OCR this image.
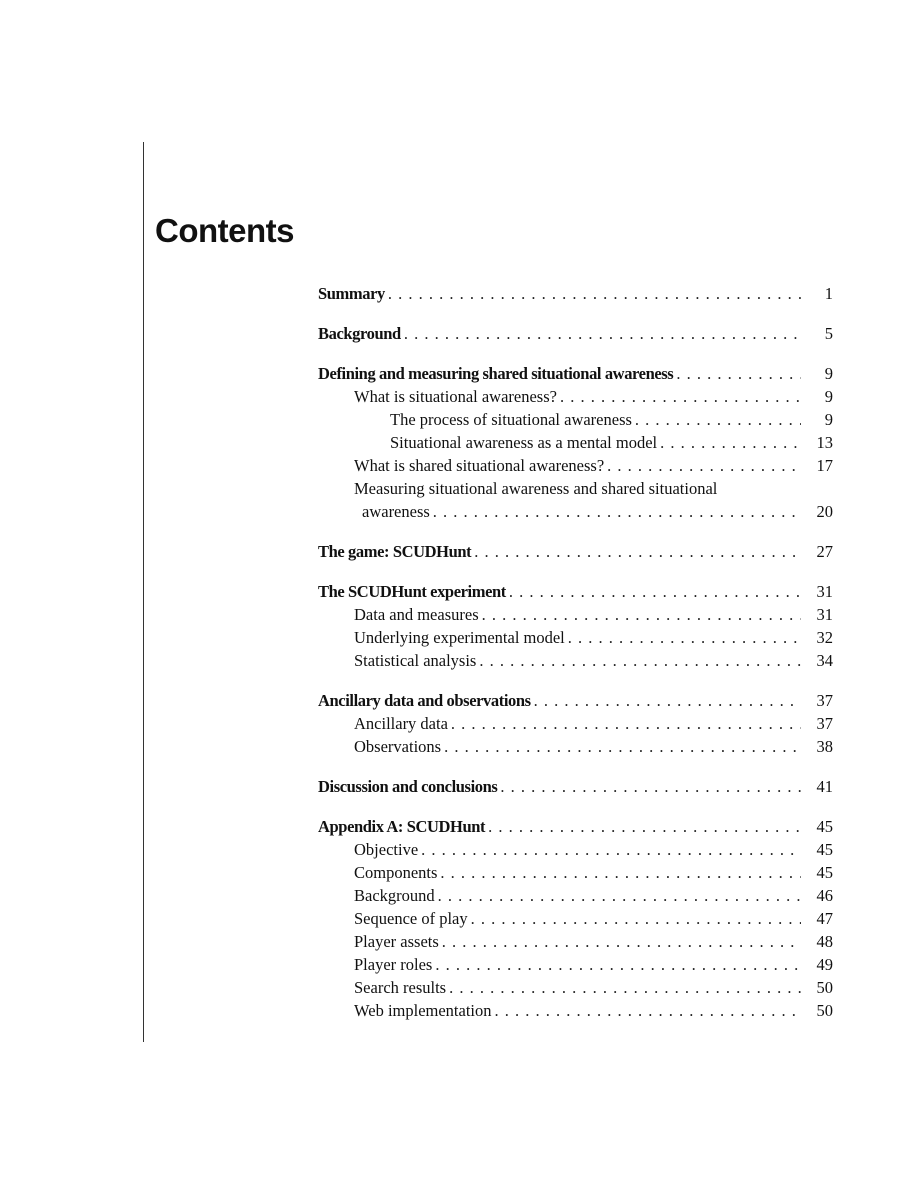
Contents
Summary . . .	1
Background . . .	5
Defining and measuring shared situational awareness . . .	9
What is situational awareness? . . .	9
The process of situational awareness . . .	9
Situational awareness as a mental model . . .	13
What is shared situational awareness? . . .	17
Measuring situational awareness and shared situational
awareness . . .	20
The game: SCUDHunt . . .	27
The SCUDHunt experiment . . .	31
Data and measures . . .	31
Underlying experimental model . . .	32
Statistical analysis . . .	34
Ancillary data and observations . . .	37
Ancillary data . . .	37
Observations . . .	38
Discussion and conclusions . . .	41
Appendix A: SCUDHunt . . .	45
Objective . . .	45
Components . . .	45
Background . . .	46
Sequence of play . . .	47
Player assets . . .	48
Player roles . . .	49
Search results . . .	50
Web implementation . . .	50
